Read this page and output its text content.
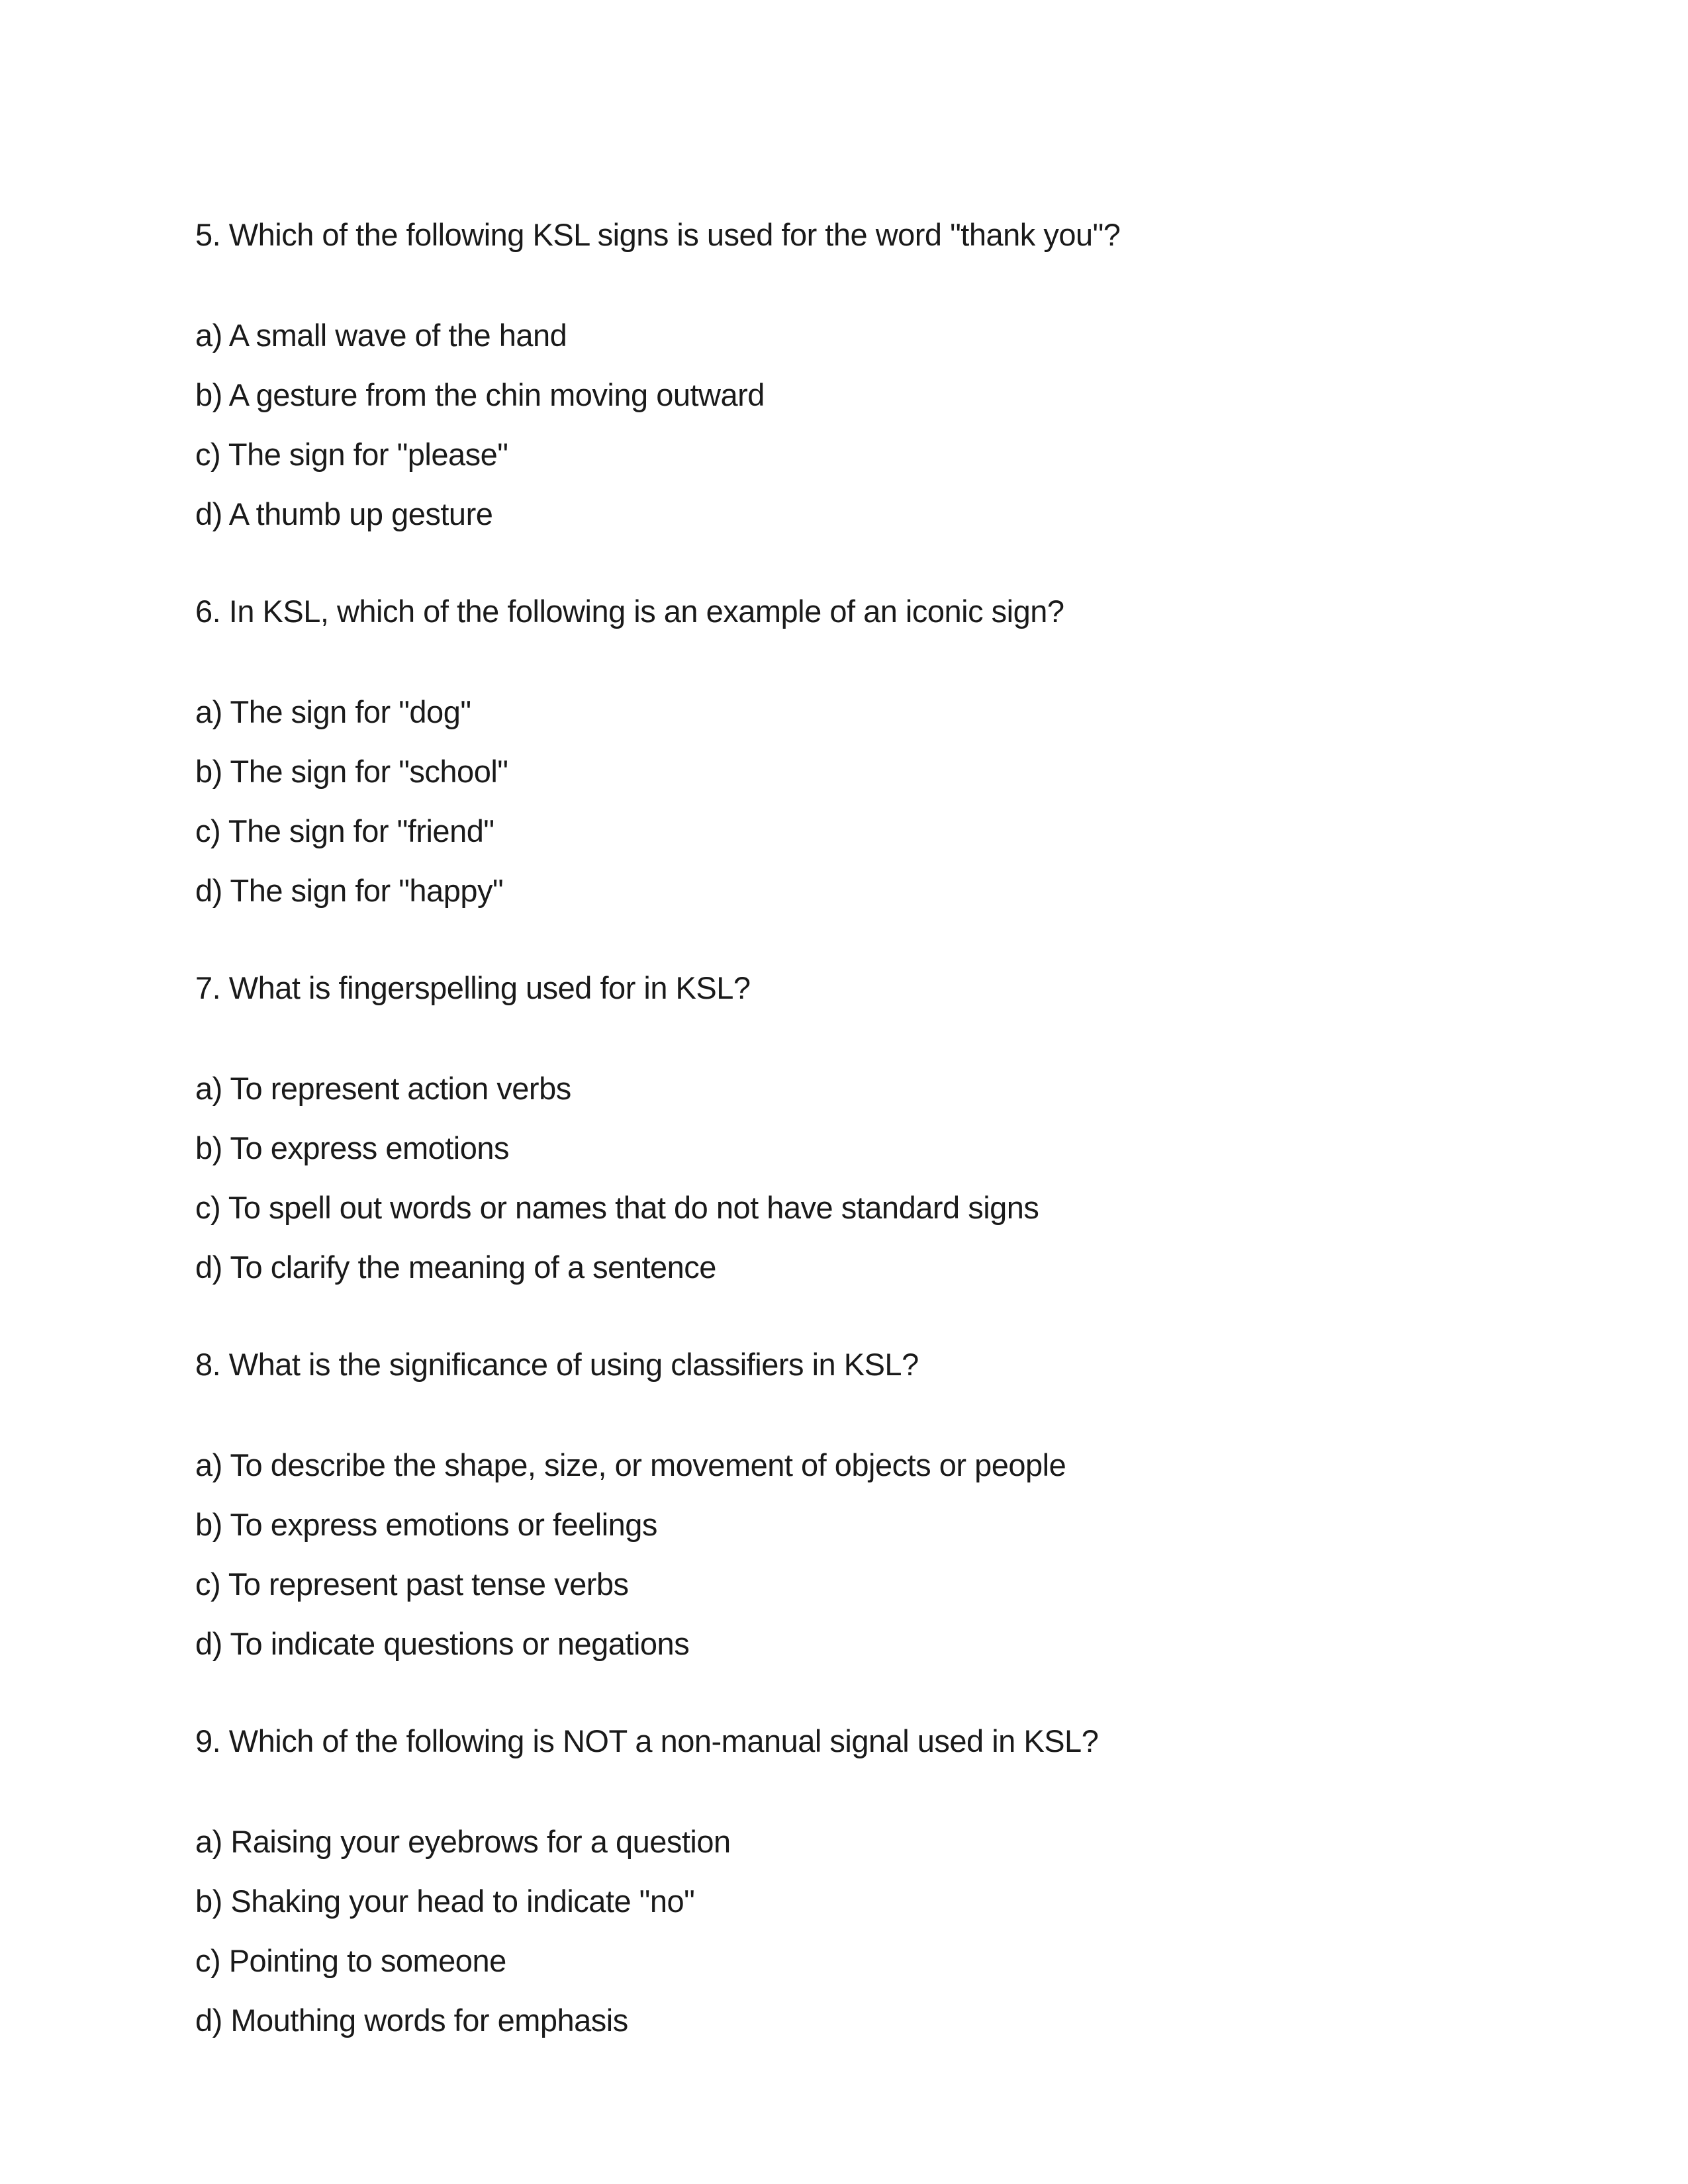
5. Which of the following KSL signs is used for the word "thank you"?

a) A small wave of the hand

b) A gesture from the chin moving outward

c) The sign for "please"

d) A thumb up gesture

6. In KSL, which of the following is an example of an iconic sign?

a) The sign for "dog"

b) The sign for "school"

c) The sign for "friend"

d) The sign for "happy"

7. What is fingerspelling used for in KSL?

a) To represent action verbs

b) To express emotions

c) To spell out words or names that do not have standard signs

d) To clarify the meaning of a sentence

8. What is the significance of using classifiers in KSL?

a) To describe the shape, size, or movement of objects or people

b) To express emotions or feelings

c) To represent past tense verbs

d) To indicate questions or negations

9. Which of the following is NOT a non-manual signal used in KSL?

a) Raising your eyebrows for a question

b) Shaking your head to indicate "no"

c) Pointing to someone

d) Mouthing words for emphasis
